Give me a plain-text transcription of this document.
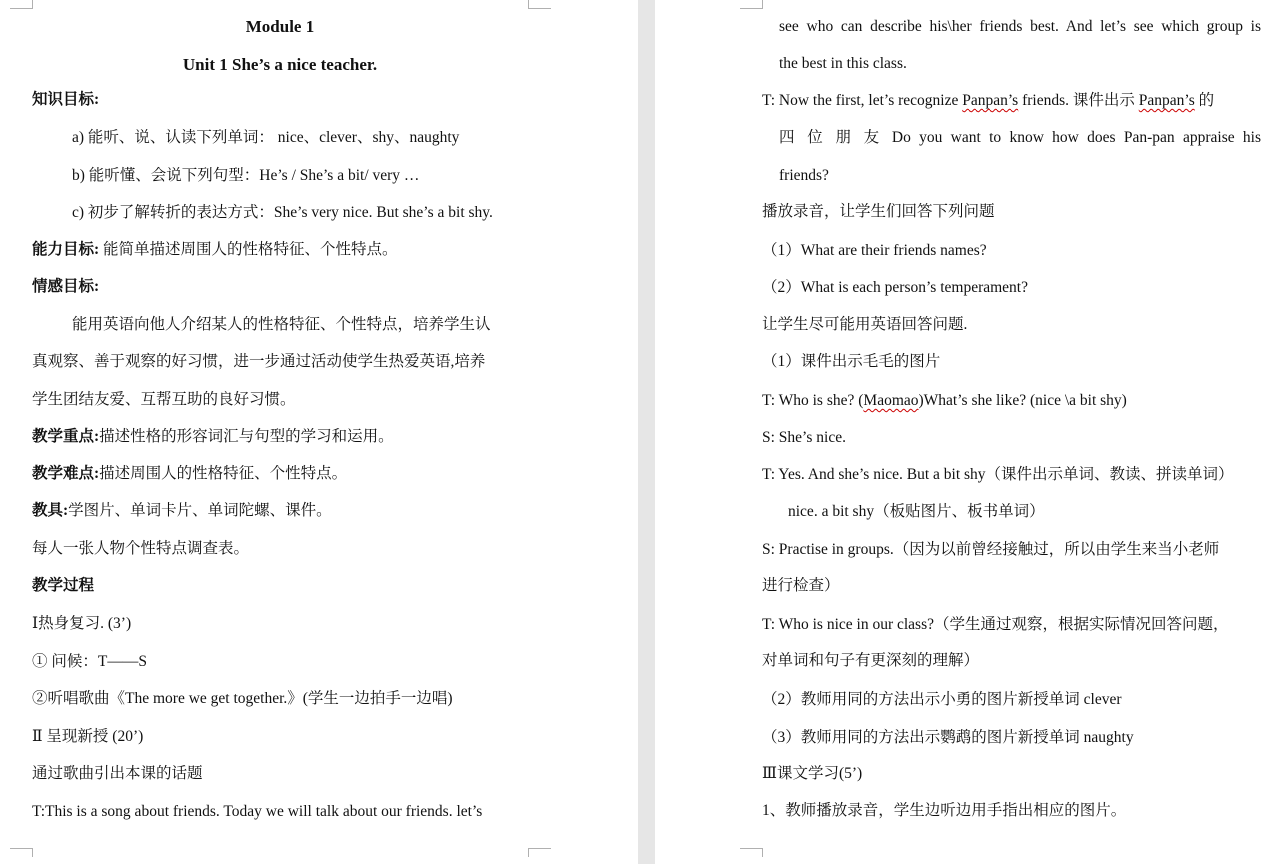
Module 1
Unit 1 She’s a nice teacher.
知识目标:
a) 能听、说、认读下列单词： nice、clever、shy、naughty
b) 能听懂、会说下列句型：He’s / She’s a bit/ very …
c) 初步了解转折的表达方式：She’s very nice. But she’s a bit shy.
能力目标: 能简单描述周围人的性格特征、个性特点。
情感目标:
能用英语向他人介绍某人的性格特征、个性特点，培养学生认
真观察、善于观察的好习惯，进一步通过活动使学生热爱英语,培养
学生团结友爱、互帮互助的良好习惯。
教学重点:描述性格的形容词汇与句型的学习和运用。
教学难点:描述周围人的性格特征、个性特点。
教具:学图片、单词卡片、单词陀螺、课件。
每人一张人物个性特点调查表。
教学过程
Ⅰ热身复习. (3’)
① 问候：T——S
②听唱歌曲《The more we get together.》(学生一边拍手一边唱)
Ⅱ 呈现新授 (20’)
通过歌曲引出本课的话题
T:This is a song about friends. Today we will talk about our friends. let’s
see who can describe his\her friends best. And let’s see which group is
the best in this class.
T: Now the first, let’s recognize Panpan’s friends. 课件出示 Panpan’s 的
四 位 朋 友 Do you want to know how does Pan-pan appraise his
friends?
播放录音，让学生们回答下列问题
（1）What are their friends names?
（2）What is each person’s temperament?
让学生尽可能用英语回答问题.
（1）课件出示毛毛的图片
T: Who is she? (Maomao)What’s she like? (nice \a bit shy)
S: She’s nice.
T: Yes. And she’s nice. But a bit shy（课件出示单词、教读、拼读单词）
nice. a bit shy（板贴图片、板书单词）
S: Practise in groups.（因为以前曾经接触过，所以由学生来当小老师
进行检查）
T: Who is nice in our class?（学生通过观察，根据实际情况回答问题，
对单词和句子有更深刻的理解）
（2）教师用同的方法出示小勇的图片新授单词 clever
（3）教师用同的方法出示鹦鹉的图片新授单词 naughty
Ⅲ课文学习(5’)
1、教师播放录音，学生边听边用手指出相应的图片。
